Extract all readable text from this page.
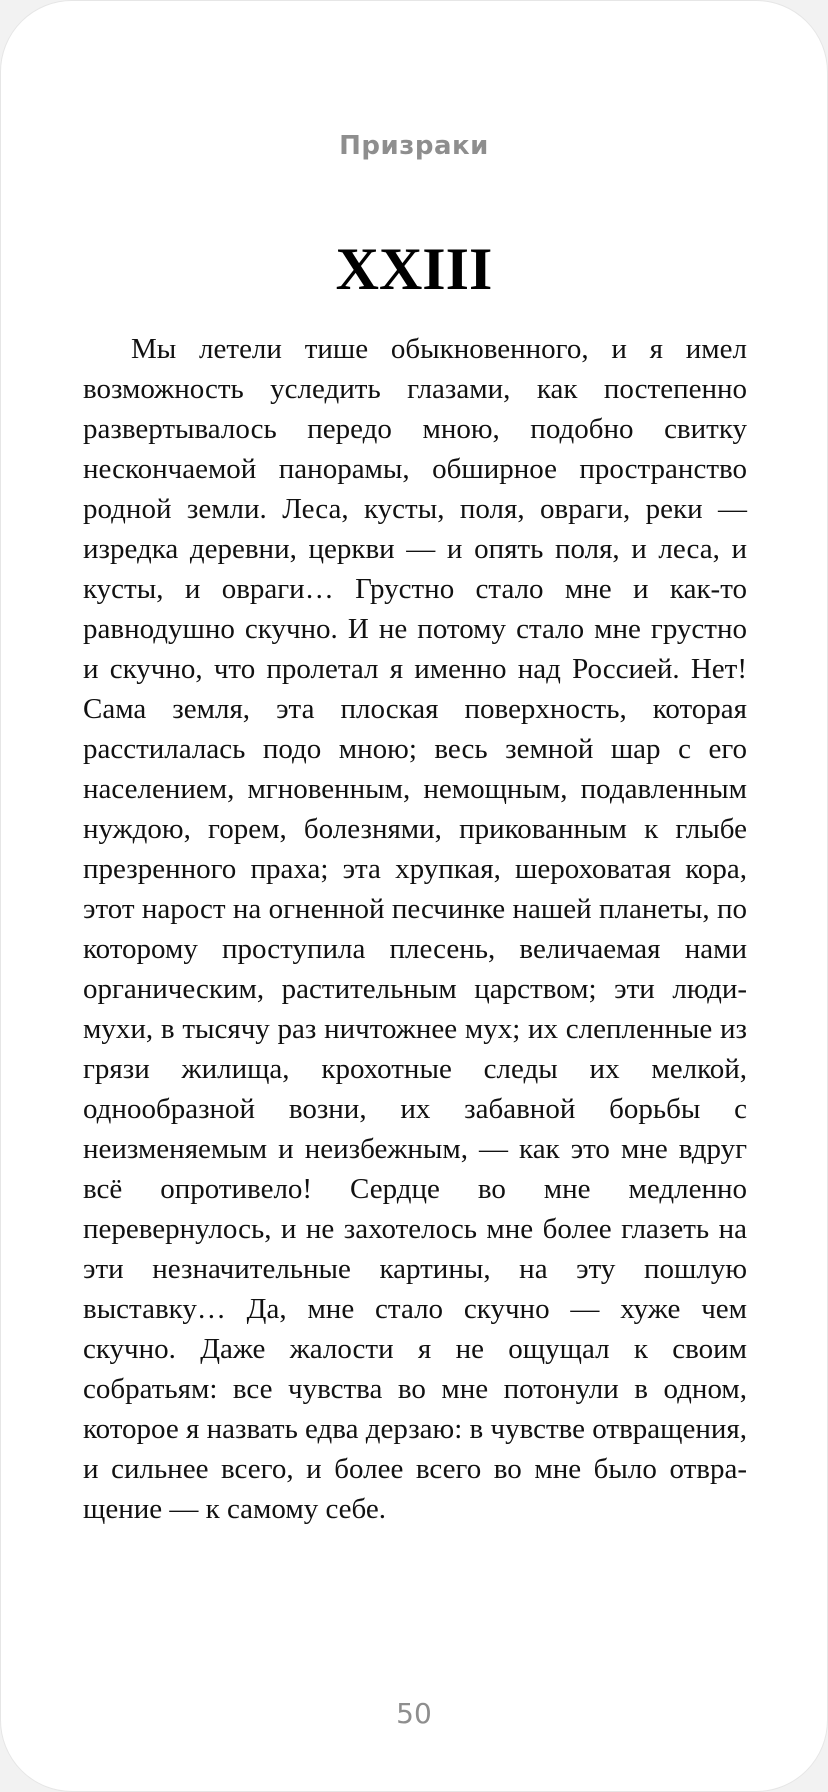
Призраки
XXIII

Мы летели тише обыкновенного, и я имел возможность уследить глазами, как постепенно развертывалось передо мною, подобно свитку нескончаемой панорамы, обширное пространство родной земли. Леса, кусты, поля, овраги, реки — изредка деревни, церкви — и опять поля, и леса, и кусты, и овраги… Грустно стало мне и как-то равнодушно скучно. И не потому стало мне грустно и скучно, что пролетал я именно над Россией. Нет! Сама земля, эта плоская поверхность, которая расстилалась подо мною; весь земной шар с его населением, мгновенным, немощным, подавленным нуждою, горем, болезнями, прикованным к глыбе презренного праха; эта хрупкая, шероховатая кора, этот нарост на огненной песчинке нашей планеты, по которому проступила плесень, величаемая нами органическим, растительным царством; эти люди-мухи, в тысячу раз ничтожнее мух; их слепленные из грязи жилища, крохотные следы их мелкой, однообразной возни, их забавной борьбы с неизменяемым и неизбежным, — как это мне вдруг всё опротивело! Сердце во мне медленно перевернулось, и не захотелось мне более глазеть на эти незначительные картины, на эту пошлую выставку… Да, мне стало скучно — хуже чем скучно. Даже жалости я не ощущал к своим собратьям: все чувства во мне потонули в одном, которое я назвать едва дерзаю: в чувстве отвращения, и сильнее всего, и более всего во мне было отвращение — к самому себе.

50
